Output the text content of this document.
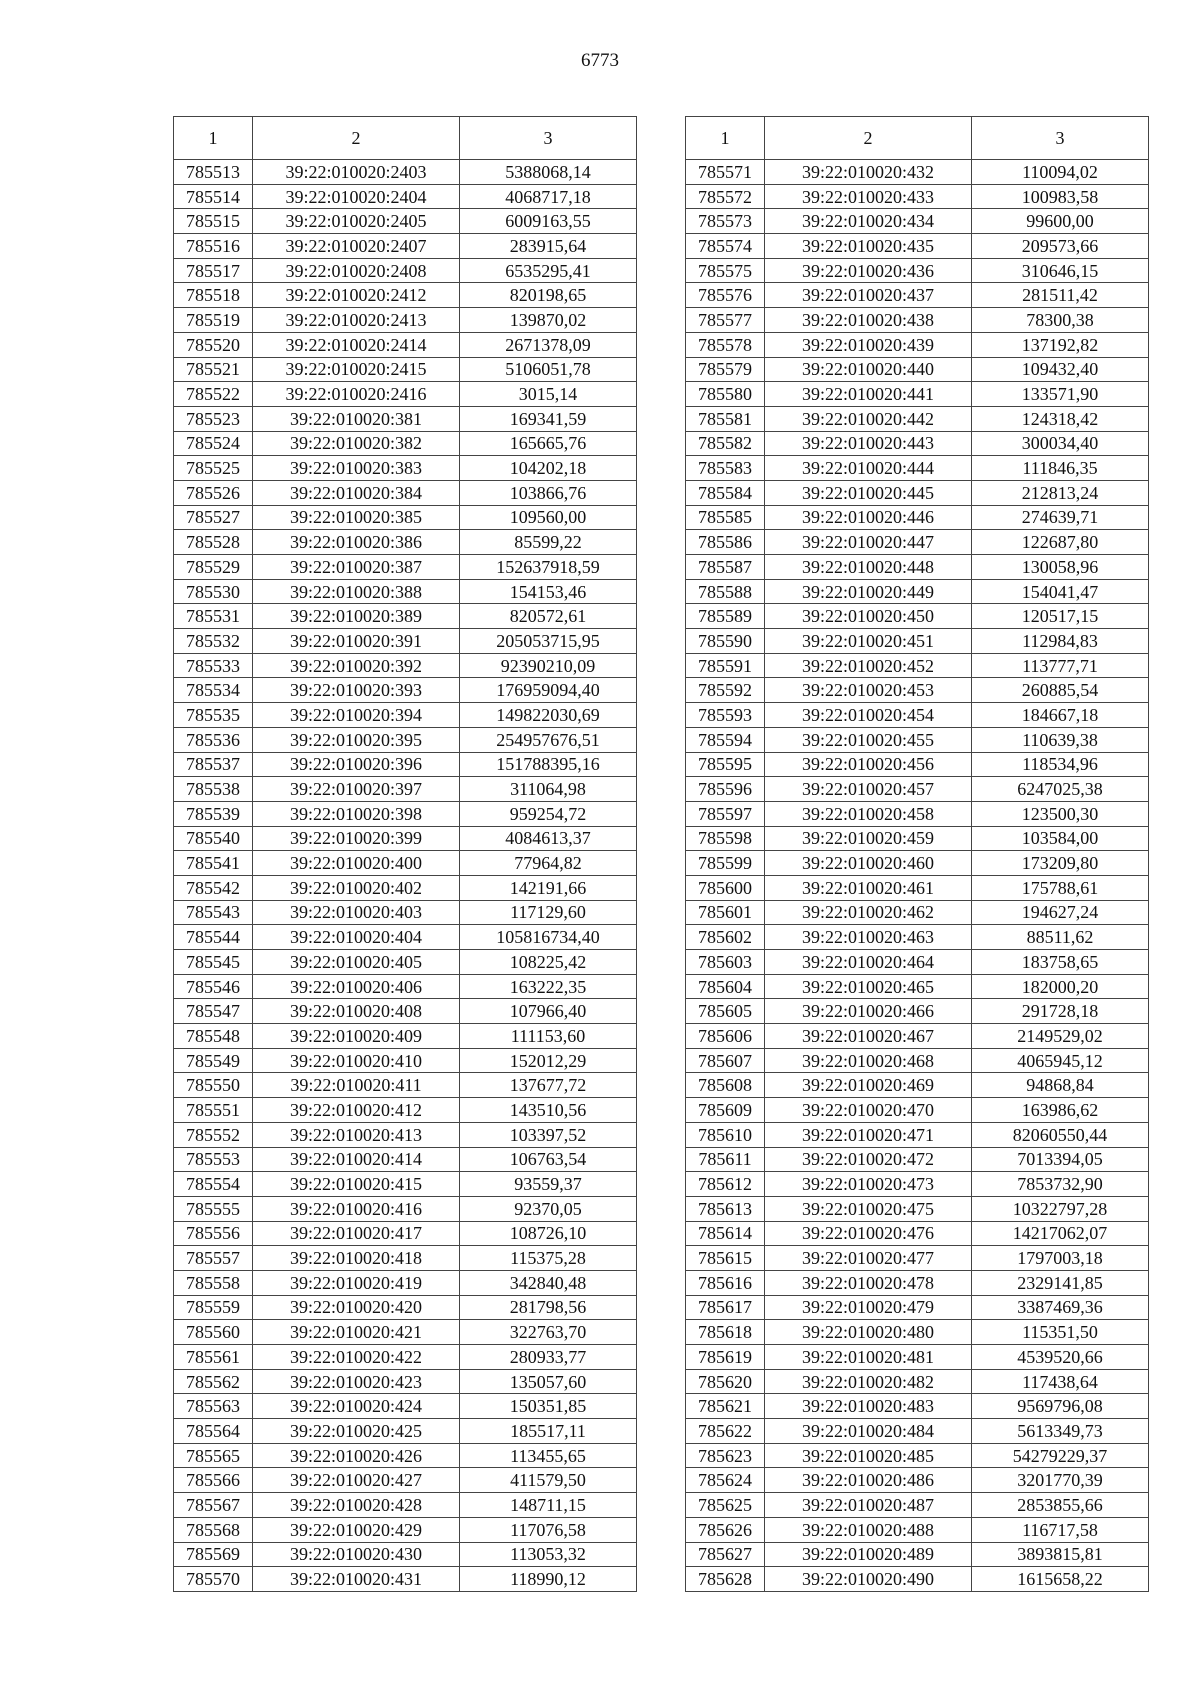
6773
1	2	3
785513	39:22:010020:2403	5388068,14
785514	39:22:010020:2404	4068717,18
785515	39:22:010020:2405	6009163,55
785516	39:22:010020:2407	283915,64
785517	39:22:010020:2408	6535295,41
785518	39:22:010020:2412	820198,65
785519	39:22:010020:2413	139870,02
785520	39:22:010020:2414	2671378,09
785521	39:22:010020:2415	5106051,78
785522	39:22:010020:2416	3015,14
785523	39:22:010020:381	169341,59
785524	39:22:010020:382	165665,76
785525	39:22:010020:383	104202,18
785526	39:22:010020:384	103866,76
785527	39:22:010020:385	109560,00
785528	39:22:010020:386	85599,22
785529	39:22:010020:387	152637918,59
785530	39:22:010020:388	154153,46
785531	39:22:010020:389	820572,61
785532	39:22:010020:391	205053715,95
785533	39:22:010020:392	92390210,09
785534	39:22:010020:393	176959094,40
785535	39:22:010020:394	149822030,69
785536	39:22:010020:395	254957676,51
785537	39:22:010020:396	151788395,16
785538	39:22:010020:397	311064,98
785539	39:22:010020:398	959254,72
785540	39:22:010020:399	4084613,37
785541	39:22:010020:400	77964,82
785542	39:22:010020:402	142191,66
785543	39:22:010020:403	117129,60
785544	39:22:010020:404	105816734,40
785545	39:22:010020:405	108225,42
785546	39:22:010020:406	163222,35
785547	39:22:010020:408	107966,40
785548	39:22:010020:409	111153,60
785549	39:22:010020:410	152012,29
785550	39:22:010020:411	137677,72
785551	39:22:010020:412	143510,56
785552	39:22:010020:413	103397,52
785553	39:22:010020:414	106763,54
785554	39:22:010020:415	93559,37
785555	39:22:010020:416	92370,05
785556	39:22:010020:417	108726,10
785557	39:22:010020:418	115375,28
785558	39:22:010020:419	342840,48
785559	39:22:010020:420	281798,56
785560	39:22:010020:421	322763,70
785561	39:22:010020:422	280933,77
785562	39:22:010020:423	135057,60
785563	39:22:010020:424	150351,85
785564	39:22:010020:425	185517,11
785565	39:22:010020:426	113455,65
785566	39:22:010020:427	411579,50
785567	39:22:010020:428	148711,15
785568	39:22:010020:429	117076,58
785569	39:22:010020:430	113053,32
785570	39:22:010020:431	118990,12
1	2	3
785571	39:22:010020:432	110094,02
785572	39:22:010020:433	100983,58
785573	39:22:010020:434	99600,00
785574	39:22:010020:435	209573,66
785575	39:22:010020:436	310646,15
785576	39:22:010020:437	281511,42
785577	39:22:010020:438	78300,38
785578	39:22:010020:439	137192,82
785579	39:22:010020:440	109432,40
785580	39:22:010020:441	133571,90
785581	39:22:010020:442	124318,42
785582	39:22:010020:443	300034,40
785583	39:22:010020:444	111846,35
785584	39:22:010020:445	212813,24
785585	39:22:010020:446	274639,71
785586	39:22:010020:447	122687,80
785587	39:22:010020:448	130058,96
785588	39:22:010020:449	154041,47
785589	39:22:010020:450	120517,15
785590	39:22:010020:451	112984,83
785591	39:22:010020:452	113777,71
785592	39:22:010020:453	260885,54
785593	39:22:010020:454	184667,18
785594	39:22:010020:455	110639,38
785595	39:22:010020:456	118534,96
785596	39:22:010020:457	6247025,38
785597	39:22:010020:458	123500,30
785598	39:22:010020:459	103584,00
785599	39:22:010020:460	173209,80
785600	39:22:010020:461	175788,61
785601	39:22:010020:462	194627,24
785602	39:22:010020:463	88511,62
785603	39:22:010020:464	183758,65
785604	39:22:010020:465	182000,20
785605	39:22:010020:466	291728,18
785606	39:22:010020:467	2149529,02
785607	39:22:010020:468	4065945,12
785608	39:22:010020:469	94868,84
785609	39:22:010020:470	163986,62
785610	39:22:010020:471	82060550,44
785611	39:22:010020:472	7013394,05
785612	39:22:010020:473	7853732,90
785613	39:22:010020:475	10322797,28
785614	39:22:010020:476	14217062,07
785615	39:22:010020:477	1797003,18
785616	39:22:010020:478	2329141,85
785617	39:22:010020:479	3387469,36
785618	39:22:010020:480	115351,50
785619	39:22:010020:481	4539520,66
785620	39:22:010020:482	117438,64
785621	39:22:010020:483	9569796,08
785622	39:22:010020:484	5613349,73
785623	39:22:010020:485	54279229,37
785624	39:22:010020:486	3201770,39
785625	39:22:010020:487	2853855,66
785626	39:22:010020:488	116717,58
785627	39:22:010020:489	3893815,81
785628	39:22:010020:490	1615658,22
